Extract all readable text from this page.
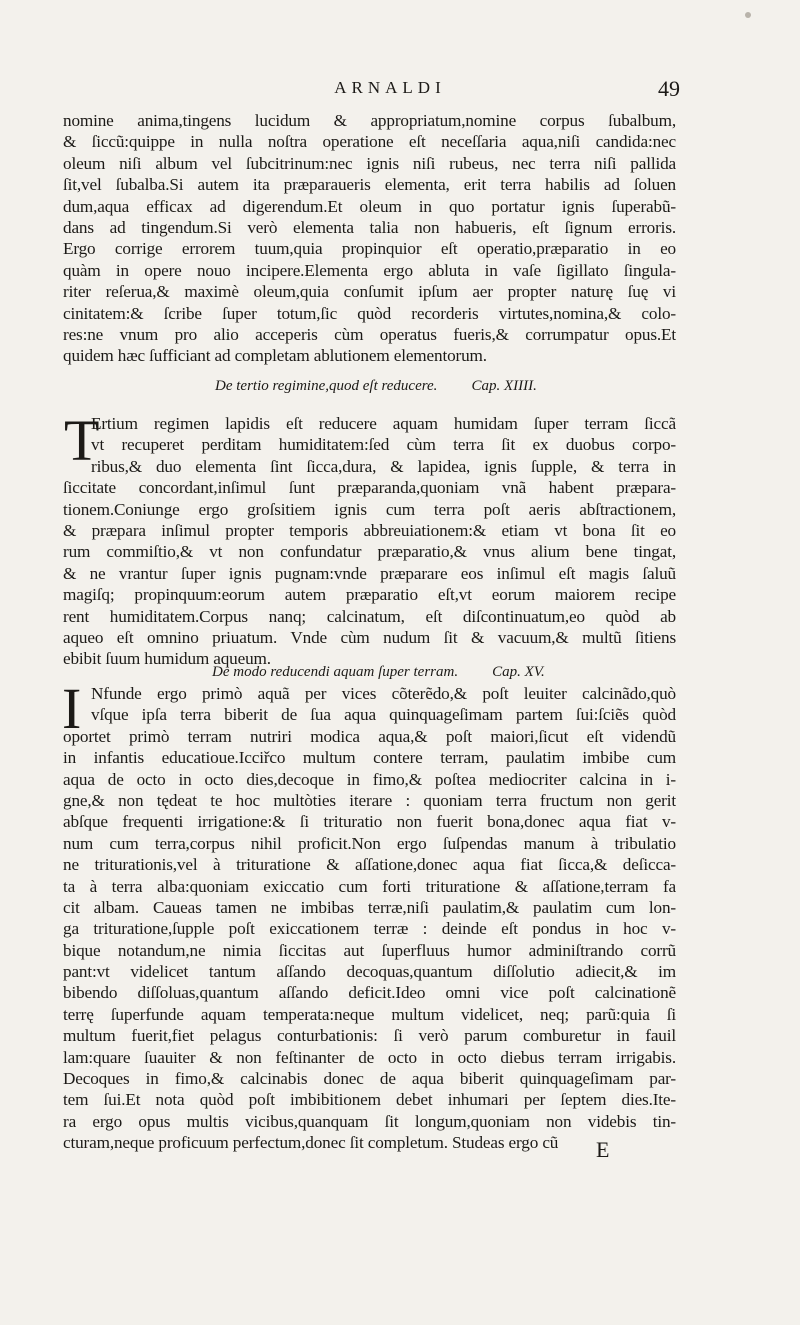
ARNALDI	49
nomine anima,tingens lucidum & appropriatum,nomine corpus ſubalbum,
& ſiccũ:quippe in nulla noſtra operatione eſt neceſſaria aqua,niſi candida:nec
oleum niſi album vel ſubcitrinum:nec ignis niſi rubeus, nec terra niſi pallida
ſit,vel ſubalba.Si autem ita præparaueris elementa, erit terra habilis ad ſoluen
dum,aqua efficax ad digerendum.Et oleum in quo portatur ignis ſuperabũ-
dans ad tingendum.Si verò elementa talia non habueris, eſt ſignum erroris.
Ergo corrige errorem tuum,quia propinquior eſt operatio,præparatio in eo
quàm in opere nouo incipere.Elementa ergo abluta in vaſe ſigillato ſingula-
riter reſerua,& maximè oleum,quia conſumit ipſum aer propter naturę ſuę vi
cinitatem:& ſcribe ſuper totum,ſic quòd recorderis virtutes,nomina,& colo-
res:ne vnum pro alio acceperis cùm operatus fueris,& corrumpatur opus.Et
quidem hæc ſufficiant ad completam ablutionem elementorum.
De tertio regimine,quod eſt reducere. Cap. XIIII.
T
Ertium regimen lapidis eſt reducere aquam humidam ſuper terram ſiccã
vt recuperet perditam humiditatem:ſed cùm terra ſit ex duobus corpo-
ribus,& duo elementa ſint ſicca,dura, & lapidea, ignis ſupple, & terra in
ſiccitate concordant,inſimul ſunt præparanda,quoniam vnã habent præpara-
tionem.Coniunge ergo groſsitiem ignis cum terra poſt aeris abſtractionem,
& præpara inſimul propter temporis abbreuiationem:& etiam vt bona ſit eo
rum commiſtio,& vt non confundatur præparatio,& vnus alium bene tingat,
& ne vrantur ſuper ignis pugnam:vnde præparare eos inſimul eſt magis ſaluũ
magiſq; propinquum:eorum autem præparatio eſt,vt eorum maiorem recipe
rent humiditatem.Corpus nanq; calcinatum, eſt diſcontinuatum,eo quòd ab
aqueo eſt omnino priuatum. Vnde cùm nudum ſit & vacuum,& multũ ſitiens
ebibit ſuum humidum aqueum.
De modo reducendi aquam ſuper terram. Cap. XV.
I Nfunde ergo primò aquã per vices cõterẽdo,& poſt leuiter calcinãdo,quò
vſque ipſa terra biberit de ſua aqua quinquageſimam partem ſui:ſciẽs quòd
oportet primò terram nutriri modica aqua,& poſt maiori,ſicut eſt videndũ
in infantis educatioue.Icciřco multum contere terram, paulatim imbibe cum
aqua de octo in octo dies,decoque in fimo,& poſtea mediocriter calcina in i-
gne,& non tędeat te hoc multòties iterare : quoniam terra fructum non gerit
abſque frequenti irrigatione:& ſi trituratio non fuerit bona,donec aqua fiat v-
num cum terra,corpus nihil proficit.Non ergo ſuſpendas manum à tribulatio
ne triturationis,vel à trituratione & aſſatione,donec aqua fiat ſicca,& deſicca-
ta à terra alba:quoniam exiccatio cum forti trituratione & aſſatione,terram fa
cit albam. Caueas tamen ne imbibas terræ,niſi paulatim,& paulatim cum lon-
ga trituratione,ſupple poſt exiccationem terræ : deinde eſt pondus in hoc v-
bique notandum,ne nimia ſiccitas aut ſuperfluus humor adminiſtrando corrũ
pant:vt videlicet tantum aſſando decoquas,quantum diſſolutio adiecit,& im
bibendo diſſoluas,quantum aſſando deficit.Ideo omni vice poſt calcinationẽ
terrę ſuperfunde aquam temperata:neque multum videlicet, neq; parũ:quia ſi
multum fuerit,fiet pelagus conturbationis: ſi verò parum comburetur in fauil
lam:quare ſuauiter & non feſtinanter de octo in octo diebus terram irrigabis.
Decoques in fimo,& calcinabis donec de aqua biberit quinquageſimam par-
tem ſui.Et nota quòd poſt imbibitionem debet inhumari per ſeptem dies.Ite-
ra ergo opus multis vicibus,quanquam ſit longum,quoniam non videbis tin-
cturam,neque proficuum perfectum,donec ſit completum. Studeas ergo cũ	E
